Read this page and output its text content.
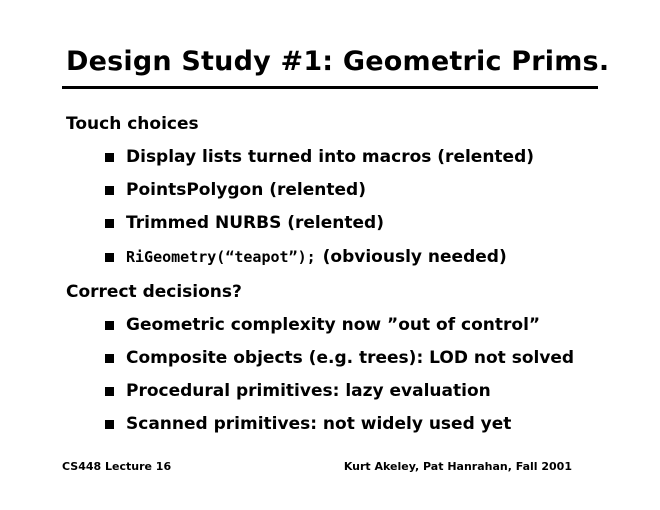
Design Study #1: Geometric Prims.
Touch choices
Display lists turned into macros (relented)
PointsPolygon (relented)
Trimmed NURBS (relented)
RiGeometry(“teapot”); (obviously needed)
Correct decisions?
Geometric complexity now ”out of control”
Composite objects (e.g. trees): LOD not solved
Procedural primitives: lazy evaluation
Scanned primitives: not widely used yet
CS448 Lecture 16	Kurt Akeley, Pat Hanrahan, Fall 2001
